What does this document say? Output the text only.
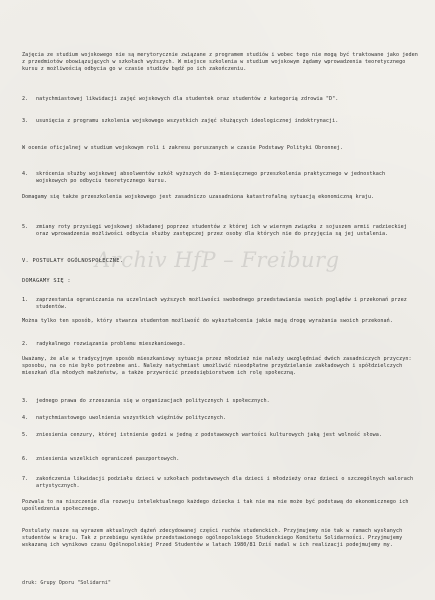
Archiv HfP – Freiburg

Zajęcia ze studium wojskowego nie są merytorycznie związane z programem studiów i wobec tego nie mogą być traktowane jako jeden z przedmiotów obowiązujących w szkołach wyższych. W miejsce szkolenia w studium wojskowym żądamy wprowadzenia teoretycznego kursu z możliwością odbycia go w czasie studiów bądź po ich zakończeniu.

2. natychmiastowej likwidacji zajęć wojskowych dla studentek oraz studentów z kategorią zdrowia "D".

3. usunięcia z programu szkolenia wojskowego wszystkich zajęć służących ideologicznej indoktrynacji.

W ocenie oficjalnej w studium wojskowym roli i zakresu poruszanych w czasie Podstawy Polityki Obronnej.

4. skrócenia służby wojskowej absolwentów szkół wyższych do 3-miesięcznego przeszkolenia praktycznego w jednostkach wojskowych po odbyciu teoretycznego kursu.

Domagamy się także przeszkolenia wojskowego jest zasadniczo uzasadniona katastrofalną sytuacją ekonomiczną kraju.

5. zmiany roty przysięgi wojskowej składanej poprzez studentów z której ich w wiernym związku z sojuszem armii radzieckiej oraz wprowadzenia możliwości odbycia służby zastępczej przez osoby dla których nie do przyjęcia są jej ustalenia.

V. POSTULATY OGÓLNOSPOŁECZNE.
DOMAGAMY SIĘ :
1. zaprzestania ograniczania na uczelniach wyższych możliwości swobodnego przedstawiania swoich poglądów i przekonań przez studentów.

Można tylko ten sposób, który stwarza studentom możliwość do wykształcenia jakie mają drogę wyrażania swoich przekonań.

2. radykalnego rozwiązania problemu mieszkaniowego.

Uważamy, że ale w tradycyjnym sposób mieszkaniowy sytuacja przez młodzież nie należy uwzględniać dwóch zasadniczych przyczyn: sposobu, na co nie było potrzebne ani. Należy natychmiast umożliwić nieodpłatne przydzielanie zakładowych i spółdzielczych mieszkań dla młodych małżeństw, a także przywrócić przedsiębiorstwom ich rolę społeczną.

3. jednego prawa do zrzeszania się w organizacjach politycznych i społecznych.

4. natychmiastowego uwolnienia wszystkich więźniów politycznych.

5. zniesienia cenzury, której istnienie godzi w jedną z podstawowych wartości kulturowych jaką jest wolność słowa.

6. zniesienia wszelkich ograniczeń paszportowych.

7. zakończenia likwidacji podziału dzieci w szkołach podstawowych dla dzieci i młodzieży oraz dzieci o szczególnych walorach artystycznych.

Pozwala to na niszczenie dla rozwoju intelektualnego każdego dziecka i tak nie ma nie może być podstawą do ekonomicznego ich upośledzenia społecznego.

Postulaty nasze są wyrazem aktualnych dążeń zdecydowanej części ruchów studenckich. Przyjmujemy nie tak w ramach wysłanych studentów w kraju. Tak z przebiegu wyników przedstawionego ogólnopolskiego Studenckiego Komitetu Solidarności. Przyjmujemy wskazaną ich wynikowo czasu Ogólnopolskiej Przed Studentów w latach 1980/81 Dziś nadal w ich realizacji podejmujemy my.

druk: Grupy Oporu "Solidarni"
